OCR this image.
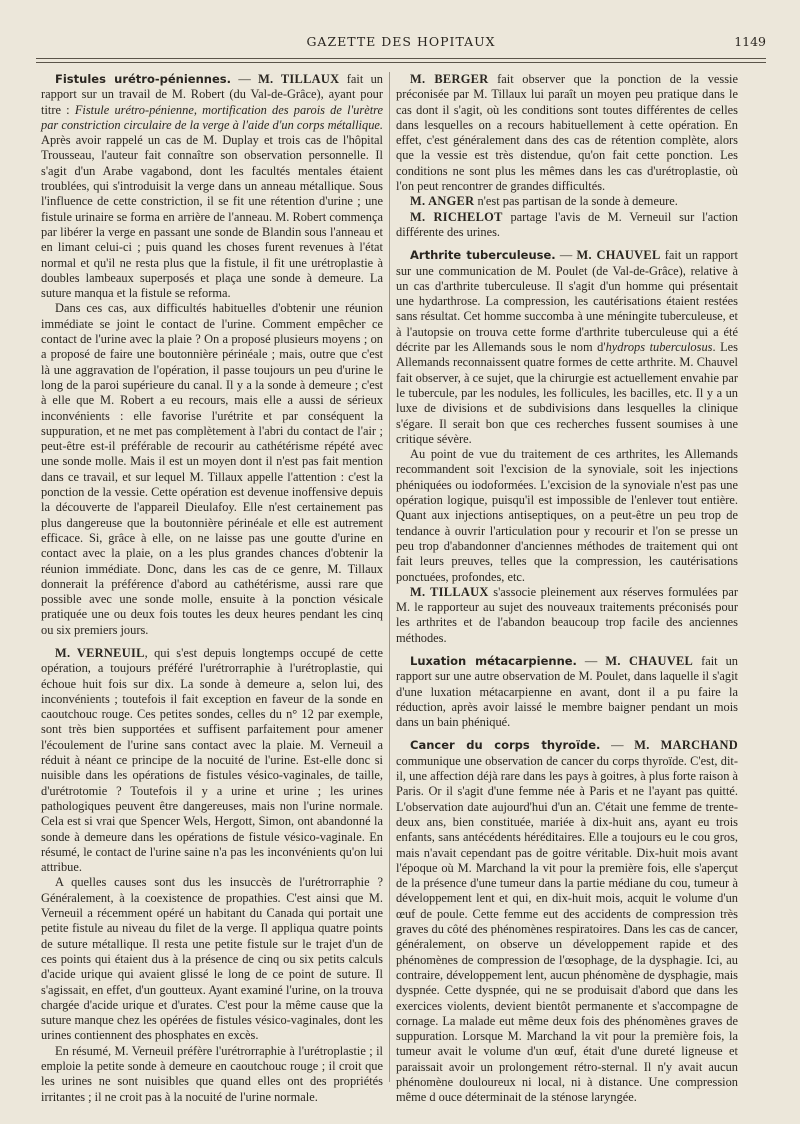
GAZETTE DES HOPITAUX	1149

Fistules urétro-péniennes. — M. TILLAUX fait un rapport sur un travail de M. Robert (du Val-de-Grâce), ayant pour titre : Fistule urétro-pénienne, mortification des parois de l'urètre par constriction circulaire de la verge à l'aide d'un corps métallique. Après avoir rappelé un cas de M. Duplay et trois cas de l'hôpital Trousseau, l'auteur fait connaître son observation personnelle. Il s'agit d'un Arabe vagabond, dont les facultés mentales étaient troublées, qui s'introduisit la verge dans un anneau métallique. Sous l'influence de cette constriction, il se fit une rétention d'urine ; une fistule urinaire se forma en arrière de l'anneau. M. Robert commença par libérer la verge en passant une sonde de Blandin sous l'anneau et en limant celui-ci ; puis quand les choses furent revenues à l'état normal et qu'il ne resta plus que la fistule, il fit une urétroplastie à doubles lambeaux superposés et plaça une sonde à demeure. La suture manqua et la fistule se reforma.

Dans ces cas, aux difficultés habituelles d'obtenir une réunion immédiate se joint le contact de l'urine. Comment empêcher ce contact de l'urine avec la plaie ? On a proposé plusieurs moyens ; on a proposé de faire une boutonnière périnéale ; mais, outre que c'est là une aggravation de l'opération, il passe toujours un peu d'urine le long de la paroi supérieure du canal. Il y a la sonde à demeure ; c'est à elle que M. Robert a eu recours, mais elle a aussi de sérieux inconvénients : elle favorise l'urétrite et par conséquent la suppuration, et ne met pas complètement à l'abri du contact de l'air ; peut-être est-il préférable de recourir au cathétérisme répété avec une sonde molle. Mais il est un moyen dont il n'est pas fait mention dans ce travail, et sur lequel M. Tillaux appelle l'attention : c'est la ponction de la vessie. Cette opération est devenue inoffensive depuis la découverte de l'appareil Dieulafoy. Elle n'est certainement pas plus dangereuse que la boutonnière périnéale et elle est autrement efficace. Si, grâce à elle, on ne laisse pas une goutte d'urine en contact avec la plaie, on a les plus grandes chances d'obtenir la réunion immédiate. Donc, dans les cas de ce genre, M. Tillaux donnerait la préférence d'abord au cathétérisme, aussi rare que possible avec une sonde molle, ensuite à la ponction vésicale pratiquée une ou deux fois toutes les deux heures pendant les cinq ou six premiers jours.

M. VERNEUIL, qui s'est depuis longtemps occupé de cette opération, a toujours préféré l'urétrorraphie à l'urétroplastie, qui échoue huit fois sur dix. La sonde à demeure a, selon lui, des inconvénients ; toutefois il fait exception en faveur de la sonde en caoutchouc rouge. Ces petites sondes, celles du n° 12 par exemple, sont très bien supportées et suffisent parfaitement pour amener l'écoulement de l'urine sans contact avec la plaie. M. Verneuil a réduit à néant ce principe de la nocuité de l'urine. Est-elle donc si nuisible dans les opérations de fistules vésico-vaginales, de taille, d'urétrotomie ? Toutefois il y a urine et urine ; les urines pathologiques peuvent être dangereuses, mais non l'urine normale. Cela est si vrai que Spencer Wels, Hergott, Simon, ont abandonné la sonde à demeure dans les opérations de fistule vésico-vaginale. En résumé, le contact de l'urine saine n'a pas les inconvénients qu'on lui attribue.

A quelles causes sont dus les insuccès de l'urétrorraphie ? Généralement, à la coexistence de propathies. C'est ainsi que M. Verneuil a récemment opéré un habitant du Canada qui portait une petite fistule au niveau du filet de la verge. Il appliqua quatre points de suture métallique. Il resta une petite fistule sur le trajet d'un de ces points qui étaient dus à la présence de cinq ou six petits calculs d'acide urique qui avaient glissé le long de ce point de suture. Il s'agissait, en effet, d'un goutteux. Ayant examiné l'urine, on la trouva chargée d'acide urique et d'urates. C'est pour la même cause que la suture manque chez les opérées de fistules vésico-vaginales, dont les urines contiennent des phosphates en excès.

En résumé, M. Verneuil préfère l'urétrorraphie à l'urétroplastie ; il emploie la petite sonde à demeure en caoutchouc rouge ; il croit que les urines ne sont nuisibles que quand elles ont des propriétés irritantes ; il ne croit pas à la nocuité de l'urine normale.

M. BERGER fait observer que la ponction de la vessie préconisée par M. Tillaux lui paraît un moyen peu pratique dans le cas dont il s'agit, où les conditions sont toutes différentes de celles dans lesquelles on a recours habituellement à cette opération. En effet, c'est généralement dans des cas de rétention complète, alors que la vessie est très distendue, qu'on fait cette ponction. Les conditions ne sont plus les mêmes dans les cas d'urétroplastie, où l'on peut rencontrer de grandes difficultés.

M. ANGER n'est pas partisan de la sonde à demeure.

M. RICHELOT partage l'avis de M. Verneuil sur l'action différente des urines.

Arthrite tuberculeuse. — M. CHAUVEL fait un rapport sur une communication de M. Poulet (de Val-de-Grâce), relative à un cas d'arthrite tuberculeuse. Il s'agit d'un homme qui présentait une hydarthrose. La compression, les cautérisations étaient restées sans résultat. Cet homme succomba à une méningite tuberculeuse, et à l'autopsie on trouva cette forme d'arthrite tuberculeuse qui a été décrite par les Allemands sous le nom d'hydrops tuberculosus. Les Allemands reconnaissent quatre formes de cette arthrite. M. Chauvel fait observer, à ce sujet, que la chirurgie est actuellement envahie par le tubercule, par les nodules, les follicules, les bacilles, etc. Il y a un luxe de divisions et de subdivisions dans lesquelles la clinique s'égare. Il serait bon que ces recherches fussent soumises à une critique sévère.

Au point de vue du traitement de ces arthrites, les Allemands recommandent soit l'excision de la synoviale, soit les injections phéniquées ou iodoformées. L'excision de la synoviale n'est pas une opération logique, puisqu'il est impossible de l'enlever tout entière. Quant aux injections antiseptiques, on a peut-être un peu trop de tendance à ouvrir l'articulation pour y recourir et l'on se presse un peu trop d'abandonner d'anciennes méthodes de traitement qui ont fait leurs preuves, telles que la compression, les cautérisations ponctuées, profondes, etc.

M. TILLAUX s'associe pleinement aux réserves formulées par M. le rapporteur au sujet des nouveaux traitements préconisés pour les arthrites et de l'abandon beaucoup trop facile des anciennes méthodes.

Luxation métacarpienne. — M. CHAUVEL fait un rapport sur une autre observation de M. Poulet, dans laquelle il s'agit d'une luxation métacarpienne en avant, dont il a pu faire la réduction, après avoir laissé le membre baigner pendant un mois dans un bain phéniqué.

Cancer du corps thyroïde. — M. MARCHAND communique une observation de cancer du corps thyroïde. C'est, dit-il, une affection déjà rare dans les pays à goitres, à plus forte raison à Paris. Or il s'agit d'une femme née à Paris et ne l'ayant pas quitté. L'observation date aujourd'hui d'un an. C'était une femme de trente-deux ans, bien constituée, mariée à dix-huit ans, ayant eu trois enfants, sans antécédents héréditaires. Elle a toujours eu le cou gros, mais n'avait cependant pas de goitre véritable. Dix-huit mois avant l'époque où M. Marchand la vit pour la première fois, elle s'aperçut de la présence d'une tumeur dans la partie médiane du cou, tumeur à développement lent et qui, en dix-huit mois, acquit le volume d'un œuf de poule. Cette femme eut des accidents de compression très graves du côté des phénomènes respiratoires. Dans les cas de cancer, généralement, on observe un développement rapide et des phénomènes de compression de l'œsophage, de la dysphagie. Ici, au contraire, développement lent, aucun phénomène de dysphagie, mais dyspnée. Cette dyspnée, qui ne se produisait d'abord que dans les exercices violents, devient bientôt permanente et s'accompagne de cornage. La malade eut même deux fois des phénomènes graves de suppuration. Lorsque M. Marchand la vit pour la première fois, la tumeur avait le volume d'un œuf, était d'une dureté ligneuse et paraissait avoir un prolongement rétro-sternal. Il n'y avait aucun phénomène douloureux ni local, ni à distance. Une compression même d ouce déterminait de la sténose laryngée.
